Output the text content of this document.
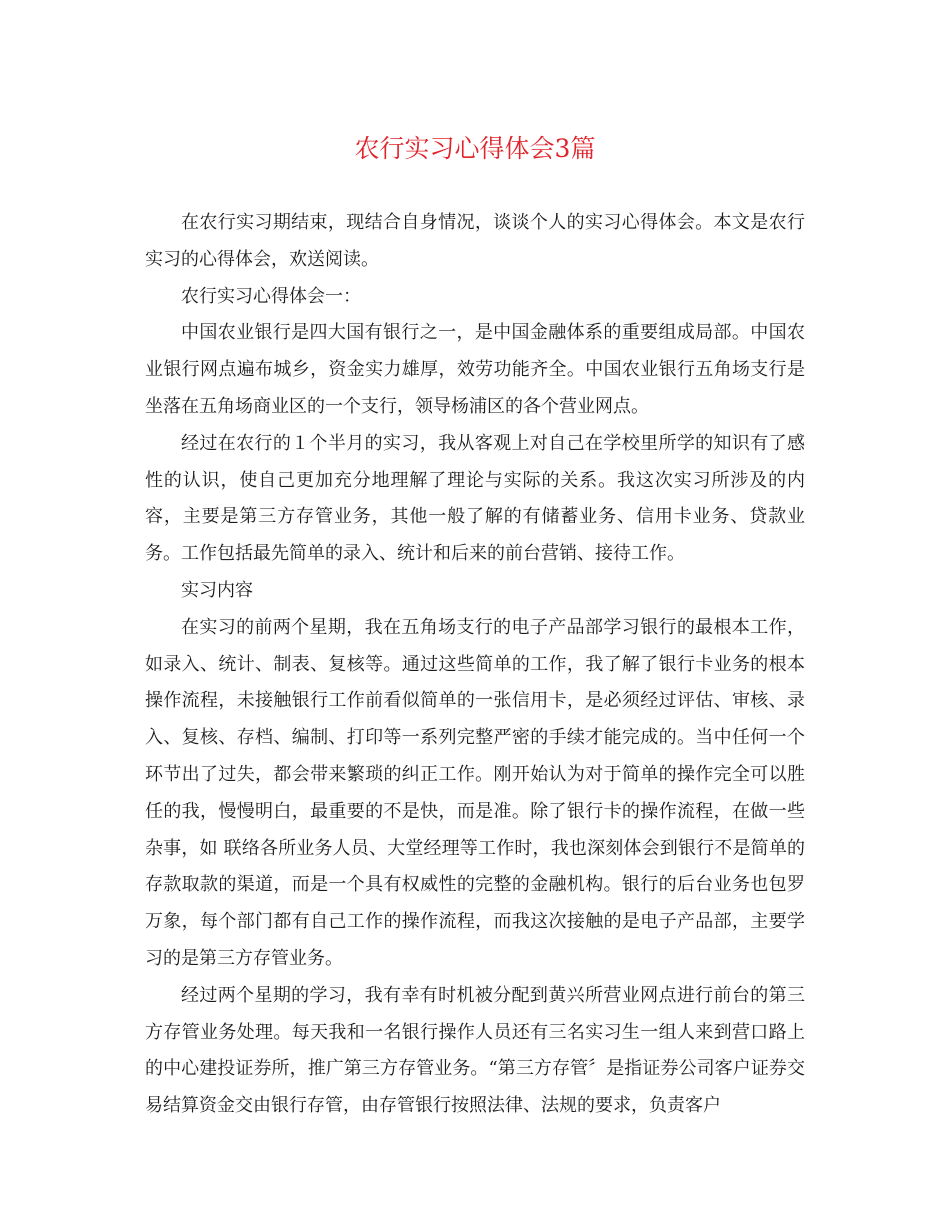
农行实习心得体会3篇

在农行实习期结束，现结合自身情况，谈谈个人的实习心得体会。本文是农行实习的心得体会，欢送阅读。

农行实习心得体会一：

中国农业银行是四大国有银行之一，是中国金融体系的重要组成局部。中国农业银行网点遍布城乡，资金实力雄厚，效劳功能齐全。中国农业银行五角场支行是坐落在五角场商业区的一个支行，领导杨浦区的各个营业网点。

经过在农行的１个半月的实习，我从客观上对自己在学校里所学的知识有了感性的认识，使自己更加充分地理解了理论与实际的关系。我这次实习所涉及的内容，主要是第三方存管业务，其他一般了解的有储蓄业务、信用卡业务、贷款业务。工作包括最先简单的录入、统计和后来的前台营销、接待工作。

实习内容

在实习的前两个星期，我在五角场支行的电子产品部学习银行的最根本工作，如录入、统计、制表、复核等。通过这些简单的工作，我了解了银行卡业务的根本操作流程，未接触银行工作前看似简单的一张信用卡，是必须经过评估、审核、录入、复核、存档、编制、打印等一系列完整严密的手续才能完成的。当中任何一个环节出了过失，都会带来繁琐的纠正工作。刚开始认为对于简单的操作完全可以胜任的我，慢慢明白，最重要的不是快，而是准。除了银行卡的操作流程，在做一些杂事，如 联络各所业务人员、大堂经理等工作时，我也深刻体会到银行不是简单的存款取款的渠道，而是一个具有权威性的完整的金融机构。银行的后台业务也包罗万象，每个部门都有自己工作的操作流程，而我这次接触的是电子产品部，主要学习的是第三方存管业务。

经过两个星期的学习，我有幸有时机被分配到黄兴所营业网点进行前台的第三方存管业务处理。每天我和一名银行操作人员还有三名实习生一组人来到营口路上的中心建投证券所，推广第三方存管业务。“第三方存管〞是指证券公司客户证券交易结算资金交由银行存管，由存管银行按照法律、法规的要求，负责客户
